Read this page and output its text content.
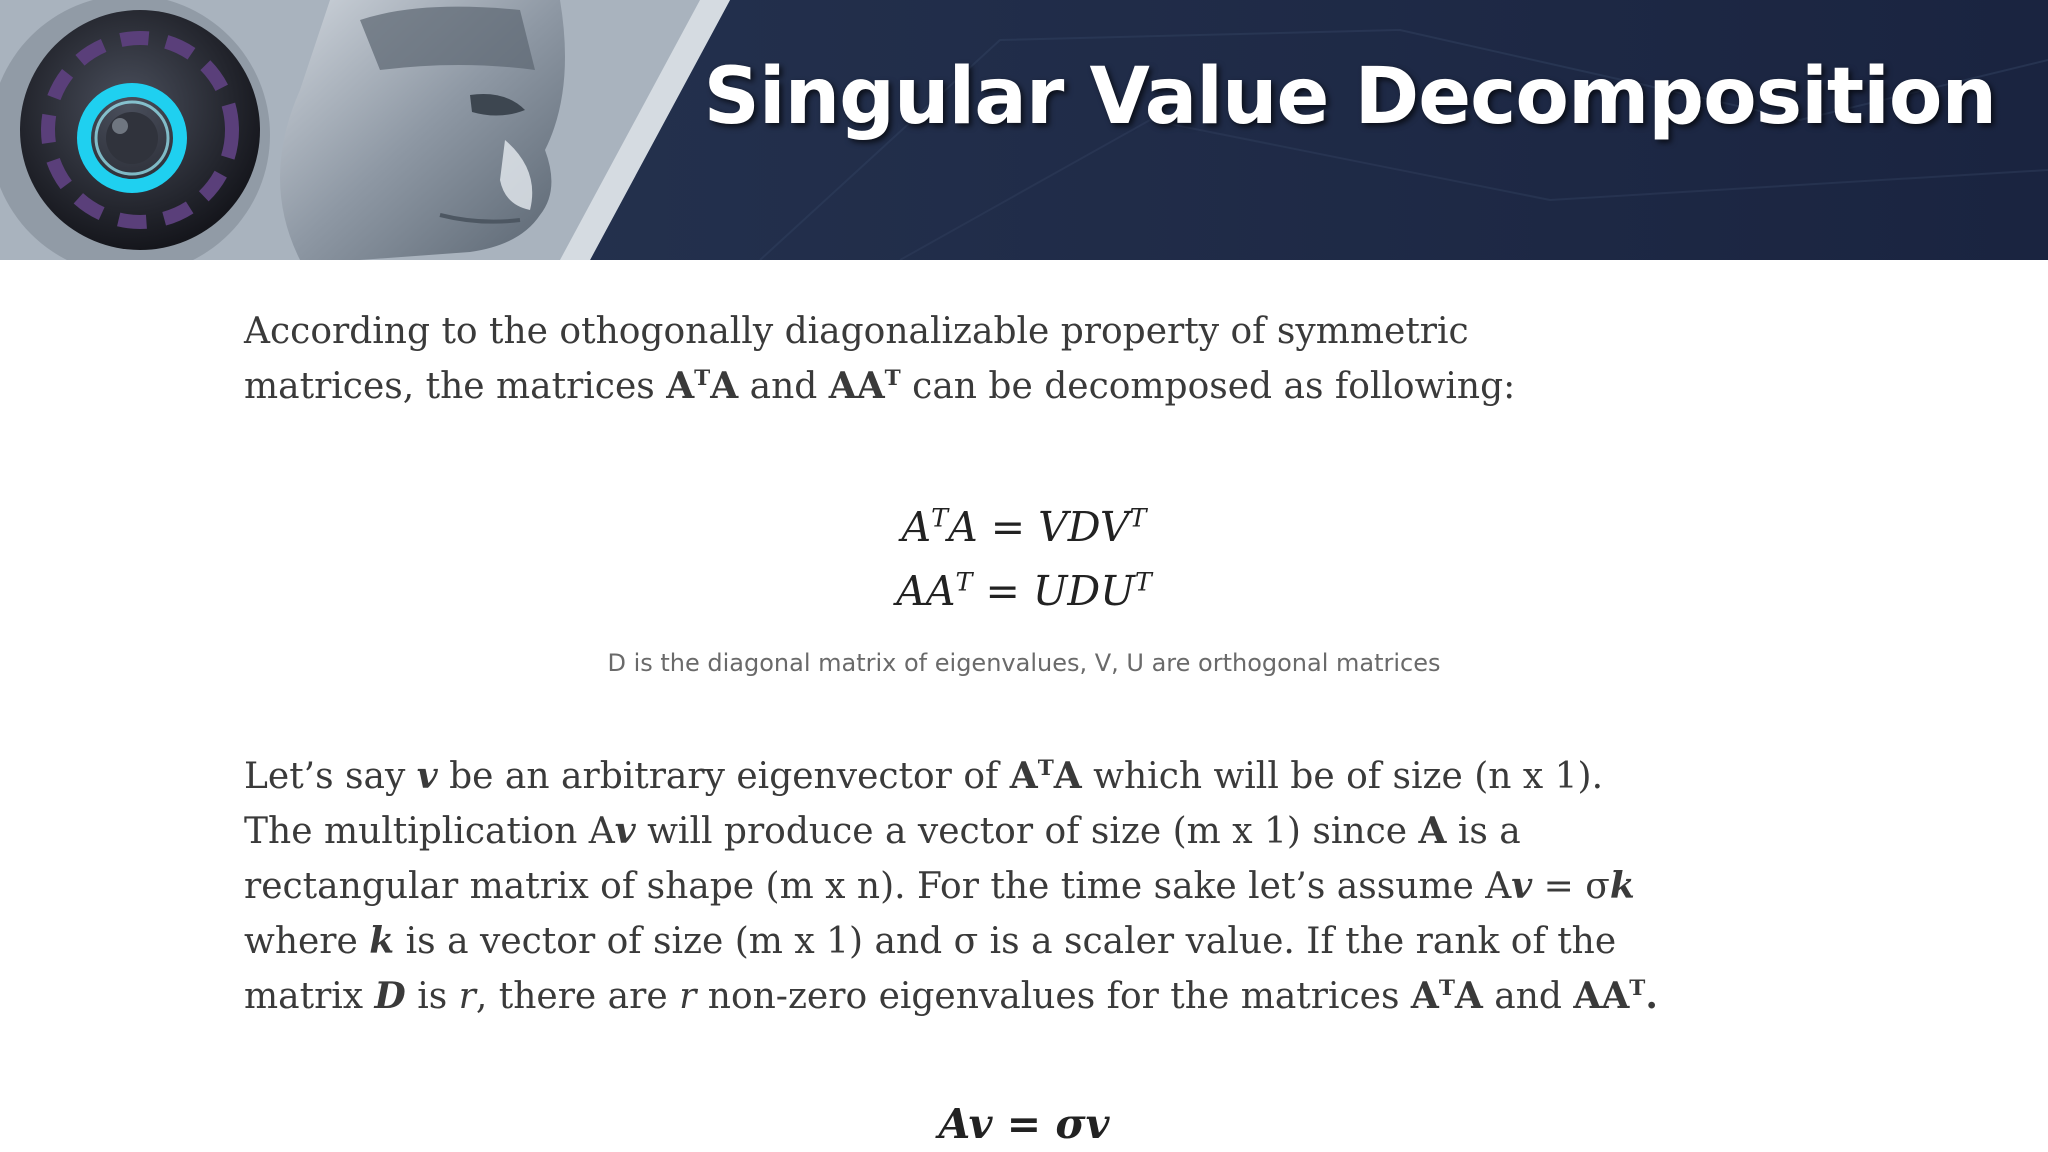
Singular Value Decomposition

According to the othogonally diagonalizable property of symmetric
matrices, the matrices $A^TA$ and $AA^T$ can be decomposed as following:

$A^TA = VDV^T$

$AA^T = UDU^T$

D is the diagonal matrix of eigenvalues, V, U are orthogonal matrices

Let’s say v be an arbitrary eigenvector of $A^TA$ which will be of size (n x 1).
The multiplication Av will produce a vector of size (m x 1) since A is a
rectangular matrix of shape (m x n). For the time sake let’s assume Av = σk
where k is a vector of size (m x 1) and σ is a scaler value. If the rank of the
matrix D is r, there are r non-zero eigenvalues for the matrices $A^TA$ and $AA^T$.

Av = σv
